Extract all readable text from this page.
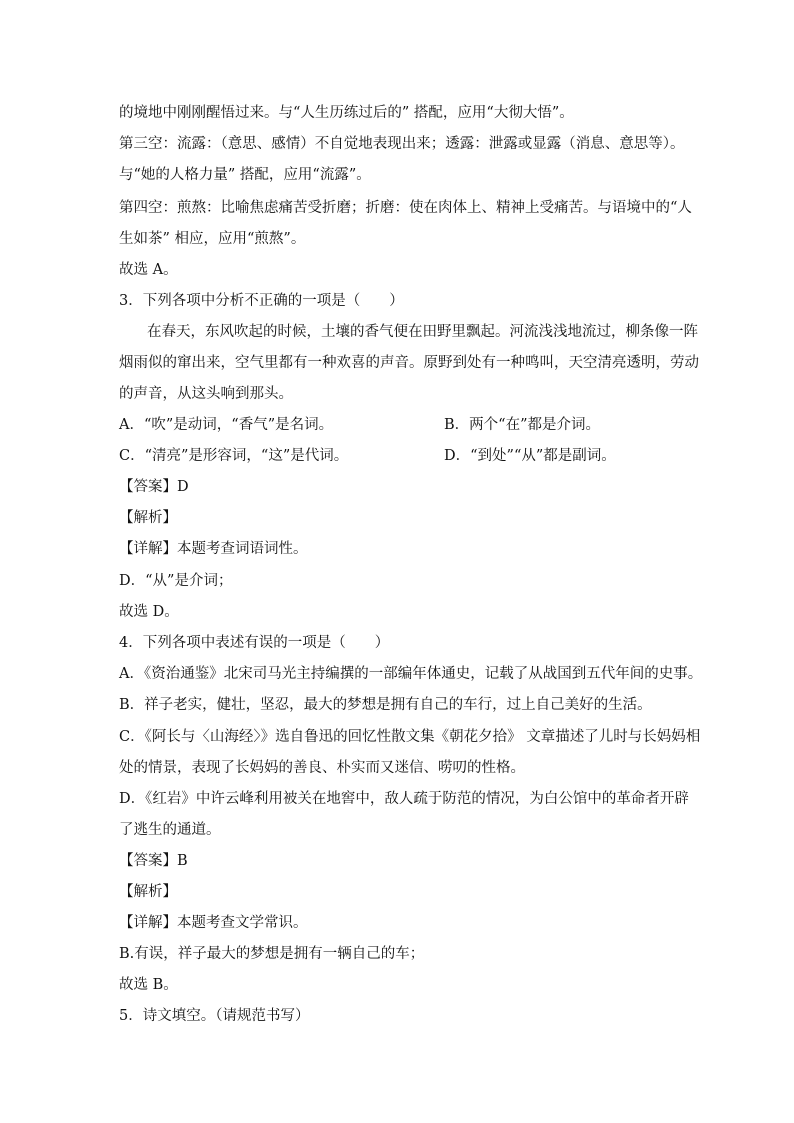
的境地中刚刚醒悟过来。与“人生历练过后的” 搭配，应用“大彻大悟”。
第三空：流露：（意思、感情）不自觉地表现出来；透露：泄露或显露（消息、意思等）。
与“她的人格力量” 搭配，应用“流露”。
第四空：煎熬：比喻焦虑痛苦受折磨；折磨：使在肉体上、精神上受痛苦。与语境中的“人
生如茶” 相应，应用“煎熬”。
故选 A。
3．下列各项中分析不正确的一项是（　　）
在春天，东风吹起的时候，土壤的香气便在田野里飘起。河流浅浅地流过，柳条像一阵
烟雨似的窜出来，空气里都有一种欢喜的声音。原野到处有一种鸣叫，天空清亮透明，劳动
的声音，从这头响到那头。
A．“吹”是动词，“香气”是名词。	B．两个“在”都是介词。
C．“清亮”是形容词，“这”是代词。	D．“到处”“从”都是副词。
【答案】D
【解析】
【详解】本题考查词语词性。
D．“从”是介词；
故选 D。
4．下列各项中表述有误的一项是（　　）
A．《资治通鉴》北宋司马光主持编撰的一部编年体通史，记载了从战国到五代年间的史事。
B．祥子老实，健壮，坚忍，最大的梦想是拥有自己的车行，过上自己美好的生活。
C．《阿长与〈山海经〉》选自鲁迅的回忆性散文集《朝花夕拾》 文章描述了儿时与长妈妈相
处的情景，表现了长妈妈的善良、朴实而又迷信、唠叨的性格。
D．《红岩》中许云峰利用被关在地窖中，敌人疏于防范的情况，为白公馆中的革命者开辟
了逃生的通道。
【答案】B
【解析】
【详解】本题考查文学常识。
B.有误，祥子最大的梦想是拥有一辆自己的车；
故选 B。
5．诗文填空。（请规范书写）
